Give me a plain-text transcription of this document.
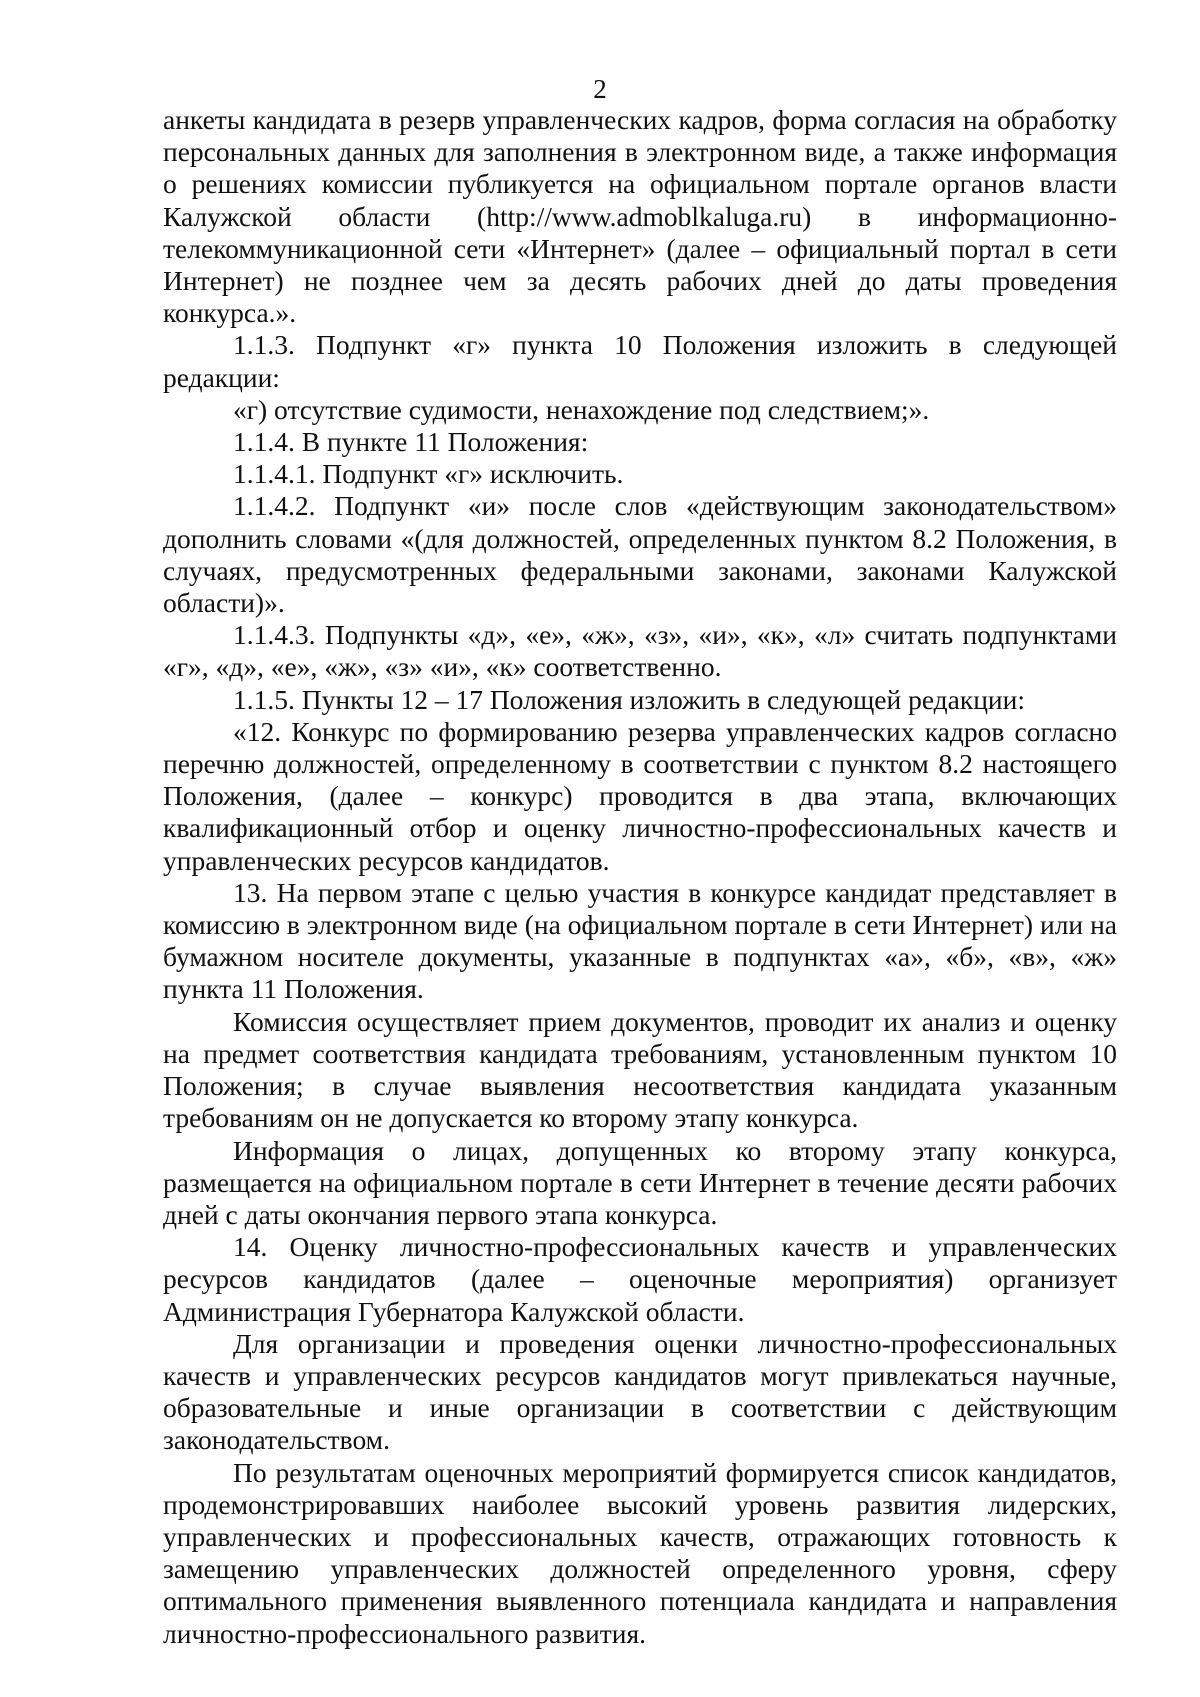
2

анкеты кандидата в резерв управленческих кадров, форма согласия на обработку персональных данных для заполнения в электронном виде, а также информация о решениях комиссии публикуется на официальном портале органов власти Калужской области (http://www.admoblkaluga.ru) в информационно-телекоммуникационной сети «Интернет» (далее – официальный портал в сети Интернет) не позднее чем за десять рабочих дней до даты проведения конкурса.».

1.1.3. Подпункт «г» пункта 10 Положения изложить в следующей редакции:

«г) отсутствие судимости, ненахождение под следствием;».

1.1.4. В пункте 11 Положения:

1.1.4.1. Подпункт «г» исключить.

1.1.4.2. Подпункт «и» после слов «действующим законодательством» дополнить словами «(для должностей, определенных пунктом 8.2 Положения, в случаях, предусмотренных федеральными законами, законами Калужской области)».

1.1.4.3. Подпункты «д», «е», «ж», «з», «и», «к», «л» считать подпунктами «г», «д», «е», «ж», «з» «и», «к» соответственно.

1.1.5. Пункты 12 – 17 Положения изложить в следующей редакции:

«12. Конкурс по формированию резерва управленческих кадров согласно перечню должностей, определенному в соответствии с пунктом 8.2 настоящего Положения, (далее – конкурс) проводится в два этапа, включающих квалификационный отбор и оценку личностно-профессиональных качеств и управленческих ресурсов кандидатов.

13. На первом этапе с целью участия в конкурсе кандидат представляет в комиссию в электронном виде (на официальном портале в сети Интернет) или на бумажном носителе документы, указанные в подпунктах «а», «б», «в», «ж» пункта 11 Положения.

Комиссия осуществляет прием документов, проводит их анализ и оценку на предмет соответствия кандидата требованиям, установленным пунктом 10 Положения; в случае выявления несоответствия кандидата указанным требованиям он не допускается ко второму этапу конкурса.

Информация о лицах, допущенных ко второму этапу конкурса, размещается на официальном портале в сети Интернет в течение десяти рабочих дней с даты окончания первого этапа конкурса.

14. Оценку личностно-профессиональных качеств и управленческих ресурсов кандидатов (далее – оценочные мероприятия) организует Администрация Губернатора Калужской области.

Для организации и проведения оценки личностно-профессиональных качеств и управленческих ресурсов кандидатов могут привлекаться научные, образовательные и иные организации в соответствии с действующим законодательством.

По результатам оценочных мероприятий формируется список кандидатов, продемонстрировавших наиболее высокий уровень развития лидерских, управленческих и профессиональных качеств, отражающих готовность к замещению управленческих должностей определенного уровня, сферу оптимального применения выявленного потенциала кандидата и направления личностно-профессионального развития.
